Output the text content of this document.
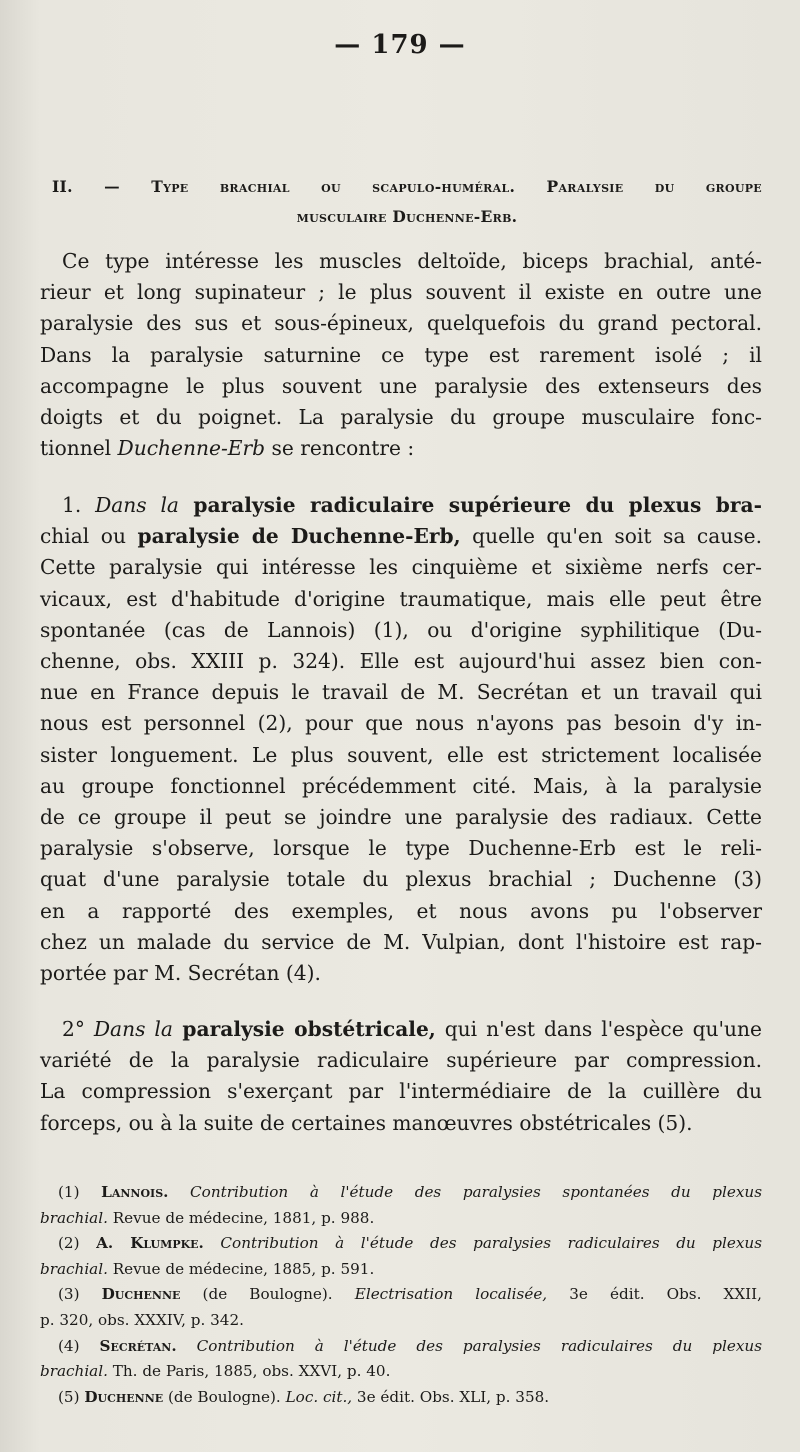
— 179 —
II. — Type brachial ou scapulo-huméral. Paralysie du groupe
musculaire Duchenne-Erb.
Ce type intéresse les muscles deltoïde, biceps brachial, anté-
rieur et long supinateur ; le plus souvent il existe en outre une
paralysie des sus et sous-épineux, quelquefois du grand pectoral.
Dans la paralysie saturnine ce type est rarement isolé ; il
accompagne le plus souvent une paralysie des extenseurs des
doigts et du poignet. La paralysie du groupe musculaire fonc-
tionnel Duchenne-Erb se rencontre :
1. Dans la paralysie radiculaire supérieure du plexus bra-
chial ou paralysie de Duchenne-Erb, quelle qu'en soit sa cause.
Cette paralysie qui intéresse les cinquième et sixième nerfs cer-
vicaux, est d'habitude d'origine traumatique, mais elle peut être
spontanée (cas de Lannois) (1), ou d'origine syphilitique (Du-
chenne, obs. XXIII p. 324). Elle est aujourd'hui assez bien con-
nue en France depuis le travail de M. Secrétan et un travail qui
nous est personnel (2), pour que nous n'ayons pas besoin d'y in-
sister longuement. Le plus souvent, elle est strictement localisée
au groupe fonctionnel précédemment cité. Mais, à la paralysie
de ce groupe il peut se joindre une paralysie des radiaux. Cette
paralysie s'observe, lorsque le type Duchenne-Erb est le reli-
quat d'une paralysie totale du plexus brachial ; Duchenne (3)
en a rapporté des exemples, et nous avons pu l'observer
chez un malade du service de M. Vulpian, dont l'histoire est rap-
portée par M. Secrétan (4).
2° Dans la paralysie obstétricale, qui n'est dans l'espèce qu'une
variété de la paralysie radiculaire supérieure par compression.
La compression s'exerçant par l'intermédiaire de la cuillère du
forceps, ou à la suite de certaines manœuvres obstétricales (5).
(1) Lannois. Contribution à l'étude des paralysies spontanées du plexus
brachial. Revue de médecine, 1881, p. 988.
(2) A. Klumpke. Contribution à l'étude des paralysies radiculaires du plexus
brachial. Revue de médecine, 1885, p. 591.
(3) Duchenne (de Boulogne). Electrisation localisée, 3e édit. Obs. XXII,
p. 320, obs. XXXIV, p. 342.
(4) Secrétan. Contribution à l'étude des paralysies radiculaires du plexus
brachial. Th. de Paris, 1885, obs. XXVI, p. 40.
(5) Duchenne (de Boulogne). Loc. cit., 3e édit. Obs. XLI, p. 358.
